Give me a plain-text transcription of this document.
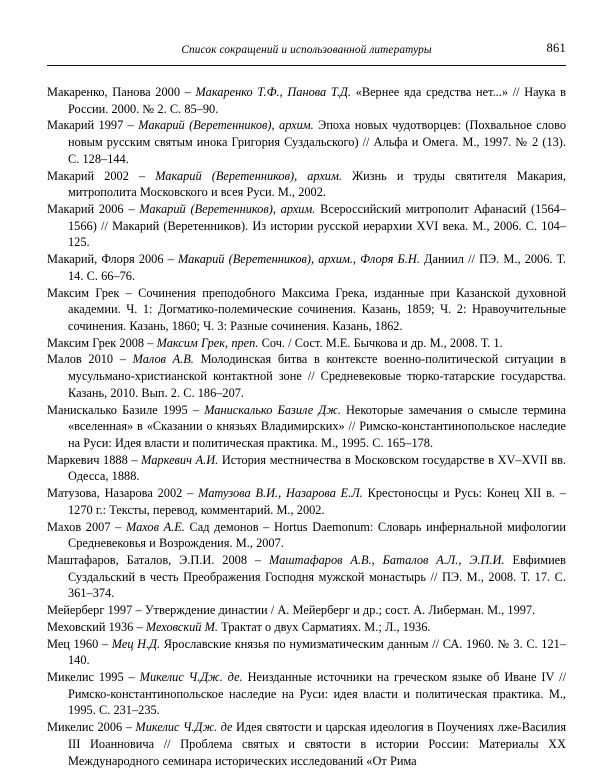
Список сокращений и использованной литературы	861

Макаренко, Панова 2000 – Макаренко Т.Ф., Панова Т.Д. «Вернее яда средства нет...» // Наука в России. 2000. № 2. С. 85–90.

Макарий 1997 – Макарий (Веретенников), архим. Эпоха новых чудотворцев: (Похвальное слово новым русским святым инока Григория Суздальского) // Альфа и Омега. М., 1997. № 2 (13). С. 128–144.

Макарий 2002 – Макарий (Веретенников), архим. Жизнь и труды святителя Макария, митрополита Московского и всея Руси. М., 2002.

Макарий 2006 – Макарий (Веретенников), архим. Всероссийский митрополит Афанасий (1564–1566) // Макарий (Веретенников). Из истории русской иерархии XVI века. М., 2006. С. 104–125.

Макарий, Флоря 2006 – Макарий (Веретенников), архим., Флоря Б.Н. Даниил // ПЭ. М., 2006. Т. 14. С. 66–76.

Максим Грек – Сочинения преподобного Максима Грека, изданные при Казанской духовной академии. Ч. 1: Догматико-полемические сочинения. Казань, 1859; Ч. 2: Нравоучительные сочинения. Казань, 1860; Ч. 3: Разные сочинения. Казань, 1862.

Максим Грек 2008 – Максим Грек, преп. Соч. / Сост. М.Е. Бычкова и др. М., 2008. Т. 1.

Малов 2010 – Малов А.В. Молодинская битва в контексте военно-политической ситуации в мусульмано-христианской контактной зоне // Средневековые тюрко-татарские государства. Казань, 2010. Вып. 2. С. 186–207.

Манискалько Базиле 1995 – Манискалько Базиле Дж. Некоторые замечания о смысле термина «вселенная» в «Сказании о князьях Владимирских» // Римско-константинопольское наследие на Руси: Идея власти и политическая практика. М., 1995. С. 165–178.

Маркевич 1888 – Маркевич А.И. История местничества в Московском государстве в XV–XVII вв. Одесса, 1888.

Матузова, Назарова 2002 – Матузова В.И., Назарова Е.Л. Крестоносцы и Русь: Конец XII в. – 1270 г.: Тексты, перевод, комментарий. М., 2002.

Махов 2007 – Махов А.Е. Сад демонов – Hortus Daemonum: Словарь инфернальной мифологии Средневековья и Возрождения. М., 2007.

Маштафаров, Баталов, Э.П.И. 2008 – Маштафаров А.В., Баталов А.Л., Э.П.И. Евфимиев Суздальский в честь Преображения Господня мужской монастырь // ПЭ. М., 2008. Т. 17. С. 361–374.

Мейерберг 1997 – Утверждение династии / А. Мейерберг и др.; сост. А. Либерман. М., 1997.

Меховский 1936 – Меховский М. Трактат о двух Сарматиях. М.; Л., 1936.

Мец 1960 – Мец Н.Д. Ярославские князья по нумизматическим данным // СА. 1960. № 3. С. 121–140.

Микелис 1995 – Микелис Ч.Дж. де. Неизданные источники на греческом языке об Иване IV // Римско-константинопольское наследие на Руси: идея власти и политическая практика. М., 1995. С. 231–235.

Микелис 2006 – Микелис Ч.Дж. де Идея святости и царская идеология в Поучениях лже-Василия III Иоанновича // Проблема святых и святости в истории России: Материалы XX Международного семинара исторических исследований «От Рима
